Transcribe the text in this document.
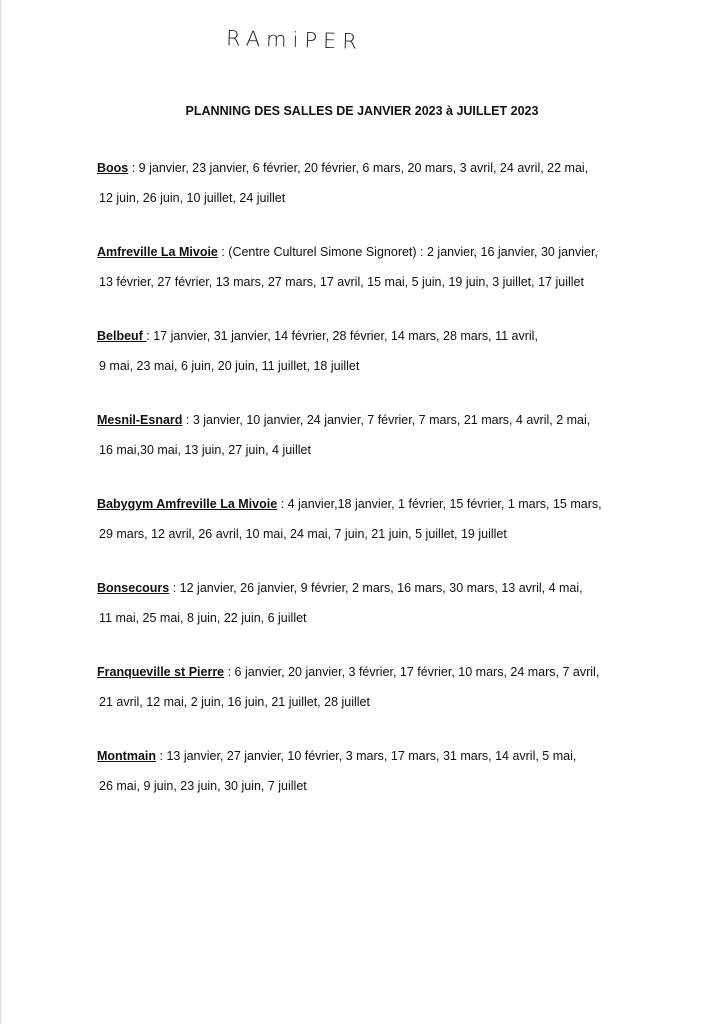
RAmiPER
PLANNING DES SALLES DE JANVIER 2023 à JUILLET 2023

Boos : 9 janvier, 23 janvier, 6 février, 20 février, 6 mars, 20 mars, 3 avril, 24 avril, 22 mai,

12 juin, 26 juin, 10 juillet, 24 juillet

Amfreville La Mivoie : (Centre Culturel Simone Signoret) : 2 janvier, 16 janvier, 30 janvier,

13 février, 27 février, 13 mars, 27 mars, 17 avril, 15 mai, 5 juin, 19 juin, 3 juillet, 17 juillet

Belbeuf : 17 janvier, 31 janvier, 14 février, 28 février, 14 mars, 28 mars, 11 avril,

9 mai, 23 mai, 6 juin, 20 juin, 11 juillet, 18 juillet

Mesnil-Esnard : 3 janvier, 10 janvier, 24 janvier, 7 février, 7 mars, 21 mars, 4 avril, 2 mai,

16 mai,30 mai, 13 juin, 27 juin, 4 juillet

Babygym Amfreville La Mivoie : 4 janvier,18 janvier, 1 février, 15 février, 1 mars, 15 mars,

29 mars, 12 avril, 26 avril, 10 mai, 24 mai, 7 juin, 21 juin, 5 juillet, 19 juillet

Bonsecours : 12 janvier, 26 janvier, 9 février, 2 mars, 16 mars, 30 mars, 13 avril, 4 mai,

11 mai, 25 mai, 8 juin, 22 juin, 6 juillet

Franqueville st Pierre : 6 janvier, 20 janvier, 3 février, 17 février, 10 mars, 24 mars, 7 avril,

21 avril, 12 mai, 2 juin, 16 juin, 21 juillet, 28 juillet

Montmain : 13 janvier, 27 janvier, 10 février, 3 mars, 17 mars, 31 mars, 14 avril, 5 mai,

26 mai, 9 juin, 23 juin, 30 juin, 7 juillet
